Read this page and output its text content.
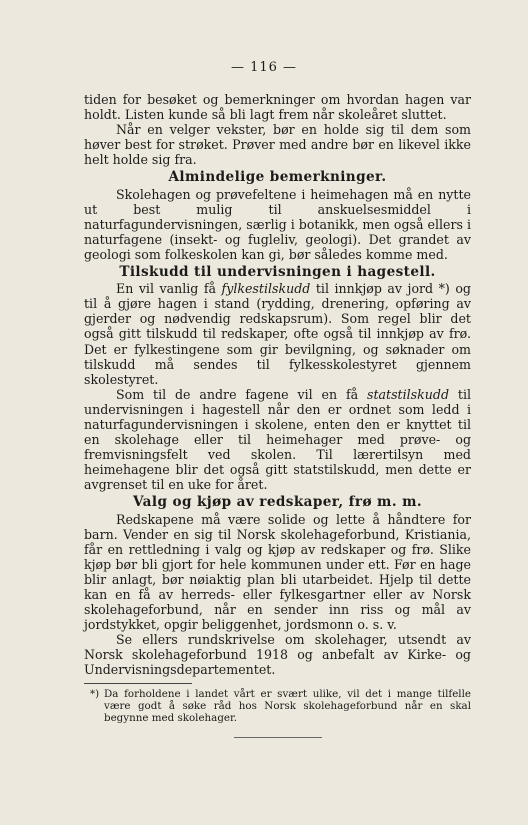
— 116 —

tiden for besøket og bemerkninger om hvordan hagen var holdt. Listen kunde så bli lagt frem når skoleåret sluttet.

Når en velger vekster, bør en holde sig til dem som høver best for strøket. Prøver med andre bør en likevel ikke helt holde sig fra.

Almindelige bemerkninger.

Skolehagen og prøvefeltene i heimehagen må en nytte ut best mulig til anskuelsesmiddel i naturfagundervisningen, særlig i botanikk, men også ellers i naturfagene (insekt- og fugleliv, geologi). Det grandet av geologi som folkeskolen kan gi, bør således komme med.

Tilskudd til undervisningen i hagestell.

En vil vanlig få fylkestilskudd til innkjøp av jord *) og til å gjøre hagen i stand (rydding, drenering, opføring av gjerder og nødvendig redskapsrum). Som regel blir det også gitt tilskudd til redskaper, ofte også til innkjøp av frø. Det er fylkestingene som gir bevilgning, og søknader om tilskudd må sendes til fylkesskolestyret gjennem skolestyret.

Som til de andre fagene vil en få statstilskudd til undervisningen i hagestell når den er ordnet som ledd i naturfagundervisningen i skolene, enten den er knyttet til en skolehage eller til heimehager med prøve- og fremvisningsfelt ved skolen. Til lærertilsyn med heimehagene blir det også gitt statstilskudd, men dette er avgrenset til en uke for året.

Valg og kjøp av redskaper, frø m. m.

Redskapene må være solide og lette å håndtere for barn. Vender en sig til Norsk skolehageforbund, Kristiania, får en rettledning i valg og kjøp av redskaper og frø. Slike kjøp bør bli gjort for hele kommunen under ett. Før en hage blir anlagt, bør nøiaktig plan bli utarbeidet. Hjelp til dette kan en få av herreds- eller fylkesgartner eller av Norsk skolehageforbund, når en sender inn riss og mål av jordstykket, opgir beliggenhet, jordsmonn o. s. v.

Se ellers rundskrivelse om skolehager, utsendt av Norsk skolehageforbund 1918 og anbefalt av Kirke- og Undervisningsdepartementet.

*) Da forholdene i landet vårt er svært ulike, vil det i mange tilfelle være godt å søke råd hos Norsk skolehageforbund når en skal begynne med skolehager.
